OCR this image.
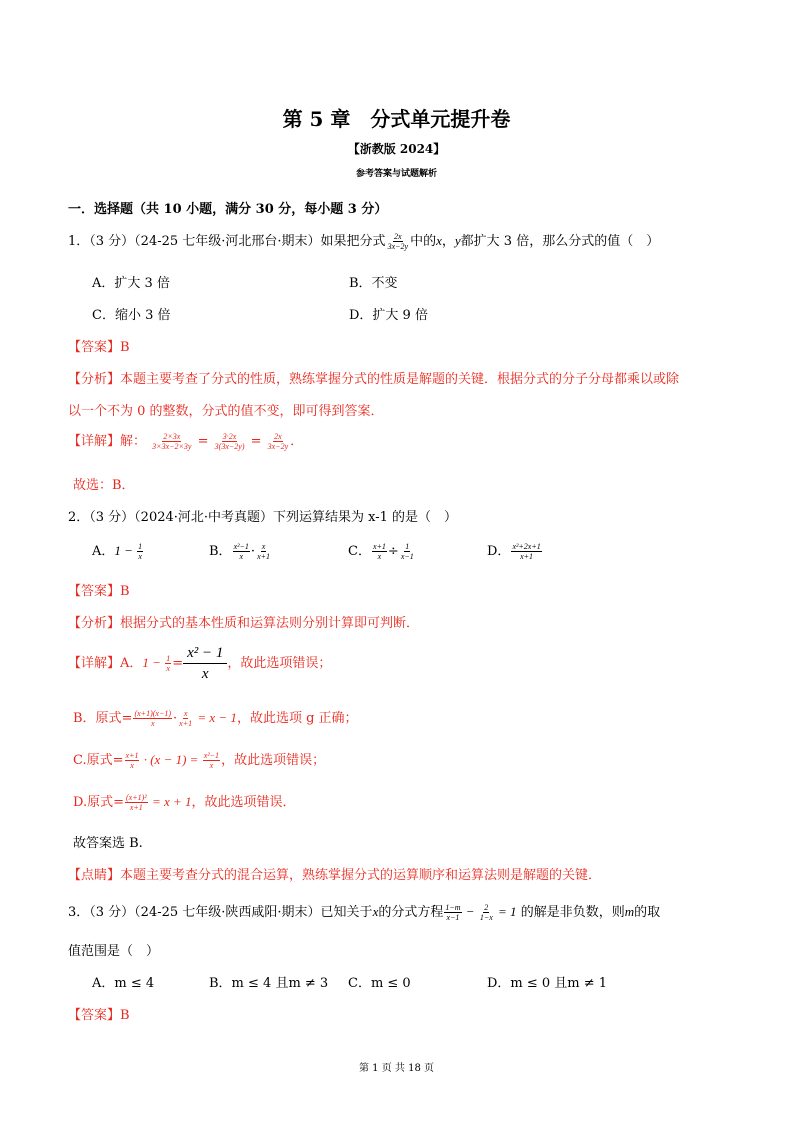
第 5 章　分式单元提升卷
【浙教版 2024】
参考答案与试题解析
一．选择题（共 10 小题，满分 30 分，每小题 3 分）
1．（3 分）（24-25 七年级·河北邢台·期末）如果把分式 $\frac{2x}{3x-2y}$ 中的x，y都扩大 3 倍，那么分式的值（　）
A．扩大 3 倍	B．不变
C．缩小 3 倍	D．扩大 9 倍
【答案】B
【分析】本题主要考查了分式的性质，熟练掌握分式的性质是解题的关键．根据分式的分子分母都乘以或除
以一个不为 0 的整数，分式的值不变，即可得到答案．
【详解】解： $\frac{2\times 3x}{3\times 3x-2\times 3y} = \frac{3\cdot 2x}{3(3x-2y)} = \frac{2x}{3x-2y}$ ．
故选：B．
2．（3 分）（2024·河北·中考真题）下列运算结果为 x-1 的是（　）
A．$1 - \frac{1}{x}$	B． $\frac{\text{x²−1}}{x} \cdot \frac{x}{x+1}$	C． $\frac{x+1}{x} \div \frac{1}{x-1}$	D． $\frac{\text{x²+2x+1}}{x+1}$
【答案】B
【分析】根据分式的基本性质和运算法则分别计算即可判断．
【详解】A．$1 - \frac{1}{x} = \frac{\text{x² − 1}}{x}$ ，故此选项错误；
B．原式= $\frac{(x+1)(x-1)}{x} \cdot \frac{x}{x+1} = x - 1$，故此选项 g 正确；
C.原式= $\frac{x+1}{x} \cdot (x - 1) = \frac{\text{x²−1}}{x}$ ，故此选项错误；
D.原式= $\frac{\text{(x+1)²}}{x+1} = x + 1$，故此选项错误．
故答案选 B.
【点睛】本题主要考查分式的混合运算，熟练掌握分式的运算顺序和运算法则是解题的关键．
3．（3 分）（24-25 七年级·陕西咸阳·期末）已知关于x的分式方程 $\frac{1-m}{x-1} - \frac{2}{1-x} = 1$ 的解是非负数，则m的取
值范围是（　）
A．m ≤ 4	B．m ≤ 4 且m ≠ 3 C．m ≤ 0	D．m ≤ 0 且m ≠ 1
【答案】B
第 1 页 共 18 页
